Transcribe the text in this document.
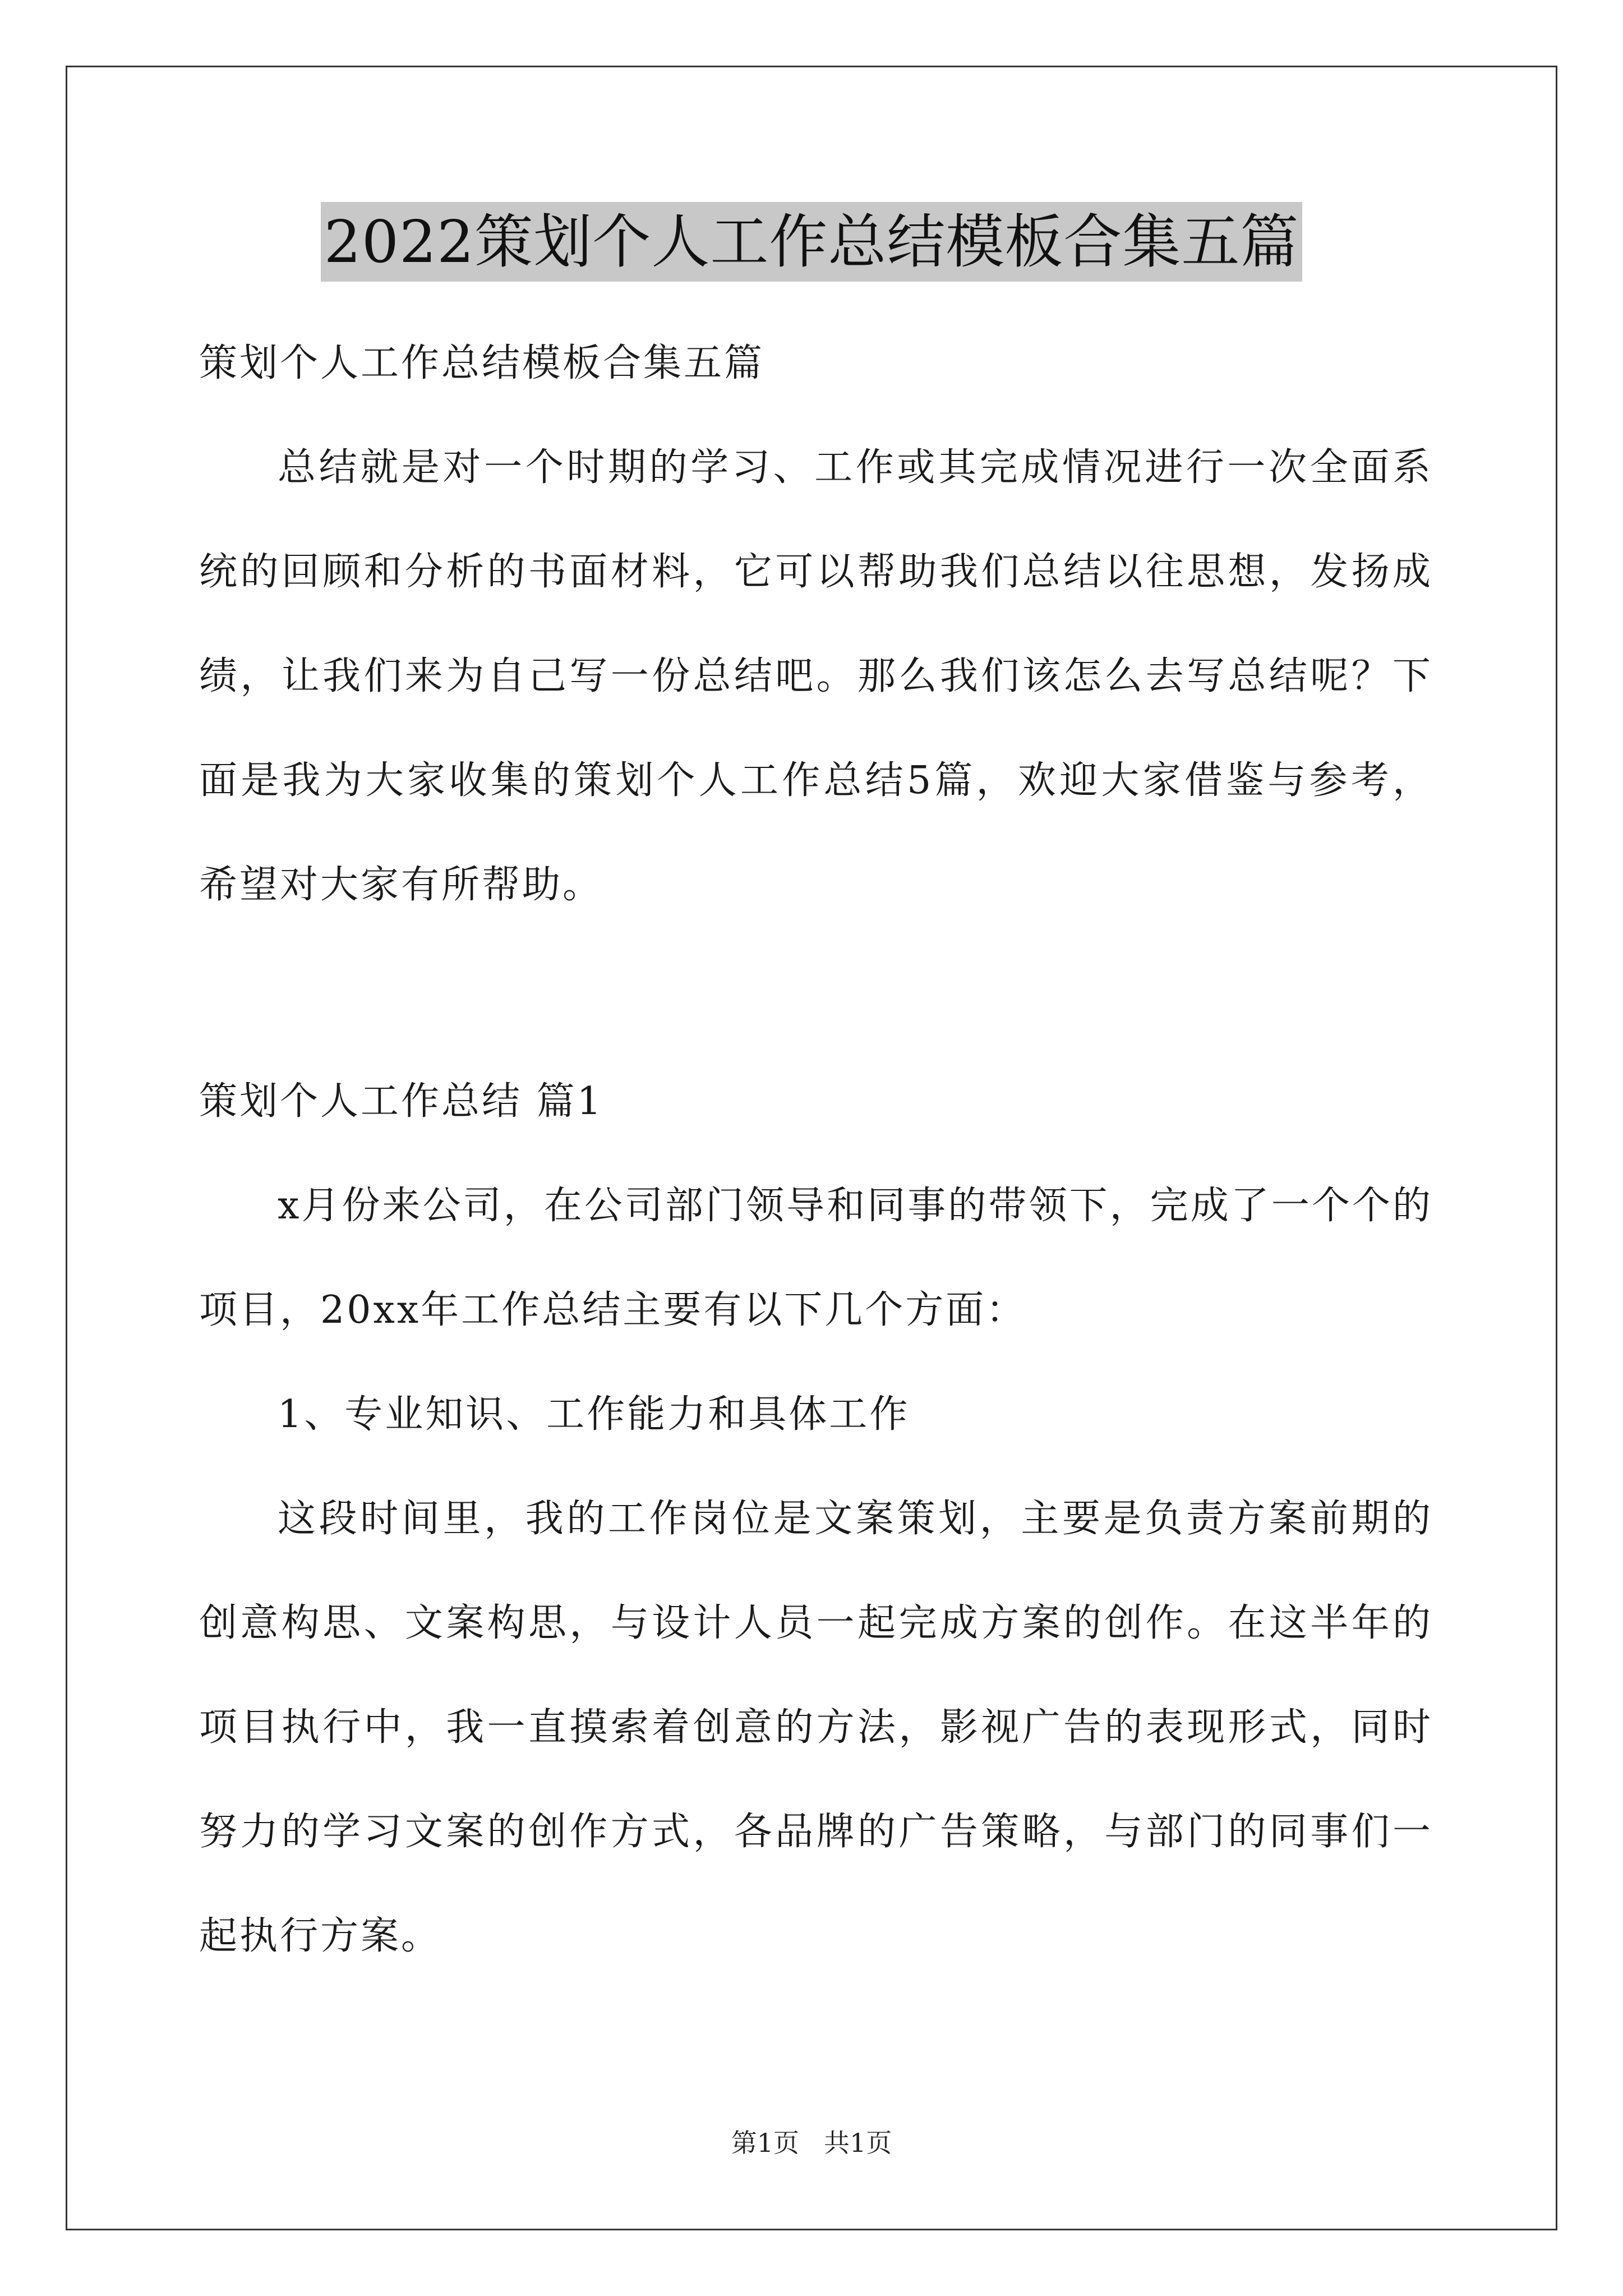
2022策划个人工作总结模板合集五篇

策划个人工作总结模板合集五篇

总结就是对一个时期的学习、工作或其完成情况进行一次全面系统的回顾和分析的书面材料，它可以帮助我们总结以往思想，发扬成绩，让我们来为自己写一份总结吧。那么我们该怎么去写总结呢？下面是我为大家收集的策划个人工作总结5篇，欢迎大家借鉴与参考，希望对大家有所帮助。

策划个人工作总结 篇1

x月份来公司，在公司部门领导和同事的带领下，完成了一个个的项目，20xx年工作总结主要有以下几个方面：

1、专业知识、工作能力和具体工作

这段时间里，我的工作岗位是文案策划，主要是负责方案前期的创意构思、文案构思，与设计人员一起完成方案的创作。在这半年的项目执行中，我一直摸索着创意的方法，影视广告的表现形式，同时努力的学习文案的创作方式，各品牌的广告策略，与部门的同事们一起执行方案。

第1页 共1页
